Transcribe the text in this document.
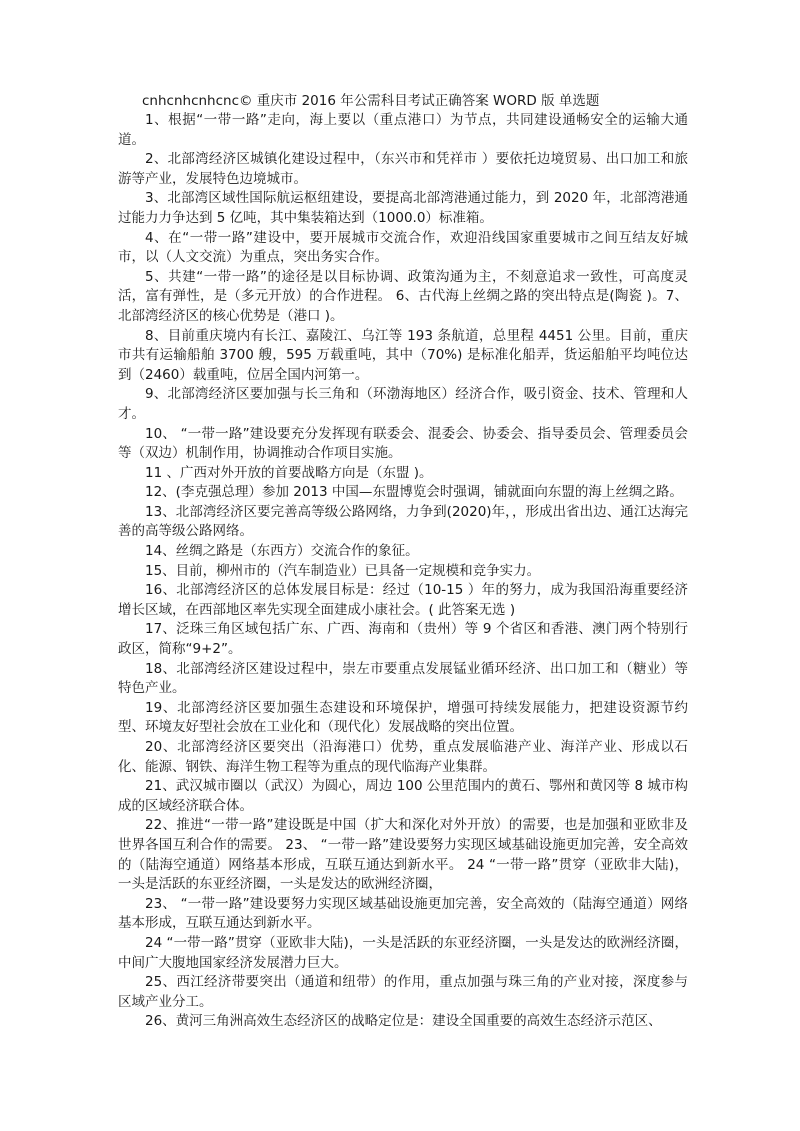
cnhcnhcnhcnc© 重庆市 2016 年公需科目考试正确答案 WORD 版 单选题

1、根据“一带一路”走向，海上要以（重点港口）为节点，共同建设通畅安全的运输大通道。

2、北部湾经济区城镇化建设过程中，（东兴市和凭祥市 ）要依托边境贸易、出口加工和旅游等产业，发展特色边境城市。

3、北部湾区域性国际航运枢纽建设，要提高北部湾港通过能力，到 2020 年，北部湾港通过能力力争达到 5 亿吨，其中集装箱达到（1000.0）标准箱。

4、在“一带一路”建设中，要开展城市交流合作，欢迎沿线国家重要城市之间互结友好城市，以（人文交流）为重点，突出务实合作。

5、共建“一带一路”的途径是以目标协调、政策沟通为主，不刻意追求一致性，可高度灵活，富有弹性，是（多元开放）的合作进程。 6、古代海上丝绸之路的突出特点是(陶瓷 )。7、北部湾经济区的核心优势是（港口 )。

8、目前重庆境内有长江、嘉陵江、乌江等 193 条航道，总里程 4451 公里。目前，重庆市共有运输船舶 3700 艘，595 万载重吨，其中（70%) 是标准化船弄，货运船舶平均吨位达到（2460）载重吨，位居全国内河第一。

9、北部湾经济区要加强与长三角和（环渤海地区）经济合作，吸引资金、技术、管理和人才。

10、 “一带一路”建设要充分发挥现有联委会、混委会、协委会、指导委员会、管理委员会等（双边）机制作用，协调推动合作项目实施。

11 、广西对外开放的首要战略方向是（东盟 )。

12、(李克强总理）参加 2013 中国—东盟博览会时强调，铺就面向东盟的海上丝绸之路。

13、北部湾经济区要完善高等级公路网络，力争到(2020)年，，形成出省出边、通江达海完善的高等级公路网络。

14、丝绸之路是（东西方）交流合作的象征。

15、目前，柳州市的（汽车制造业）已具备一定规模和竞争实力。

16、北部湾经济区的总体发展目标是：经过（10-15 ）年的努力，成为我国沿海重要经济增长区域，在西部地区率先实现全面建成小康社会。( 此答案无选 )

17、泛珠三角区域包括广东、广西、海南和（贵州）等 9 个省区和香港、澳门两个特别行政区，简称“9+2”。

18、北部湾经济区建设过程中，崇左市要重点发展锰业循环经济、出口加工和（糖业）等特色产业。

19、北部湾经济区要加强生态建设和环境保护，增强可持续发展能力，把建设资源节约型、环境友好型社会放在工业化和（现代化）发展战略的突出位置。

20、北部湾经济区要突出（沿海港口）优势，重点发展临港产业、海洋产业、形成以石化、能源、钢铁、海洋生物工程等为重点的现代临海产业集群。

21、武汉城市圈以（武汉）为圆心，周边 100 公里范围内的黄石、鄂州和黄冈等 8 城市构成的区域经济联合体。

22、推进“一带一路”建设既是中国（扩大和深化对外开放）的需要，也是加强和亚欧非及世界各国互利合作的需要。 23、 “一带一路”建设要努力实现区域基础设施更加完善，安全高效的（陆海空通道）网络基本形成，互联互通达到新水平。 24 “一带一路”贯穿（亚欧非大陆)，一头是活跃的东亚经济圈，一头是发达的欧洲经济圈，

23、 “一带一路”建设要努力实现区域基础设施更加完善，安全高效的（陆海空通道）网络基本形成，互联互通达到新水平。

24 “一带一路”贯穿（亚欧非大陆)，一头是活跃的东亚经济圈，一头是发达的欧洲经济圈，中间广大腹地国家经济发展潜力巨大。

25、西江经济带要突出（通道和纽带）的作用，重点加强与珠三角的产业对接，深度参与区域产业分工。

26、黄河三角洲高效生态经济区的战略定位是：建设全国重要的高效生态经济示范区、
